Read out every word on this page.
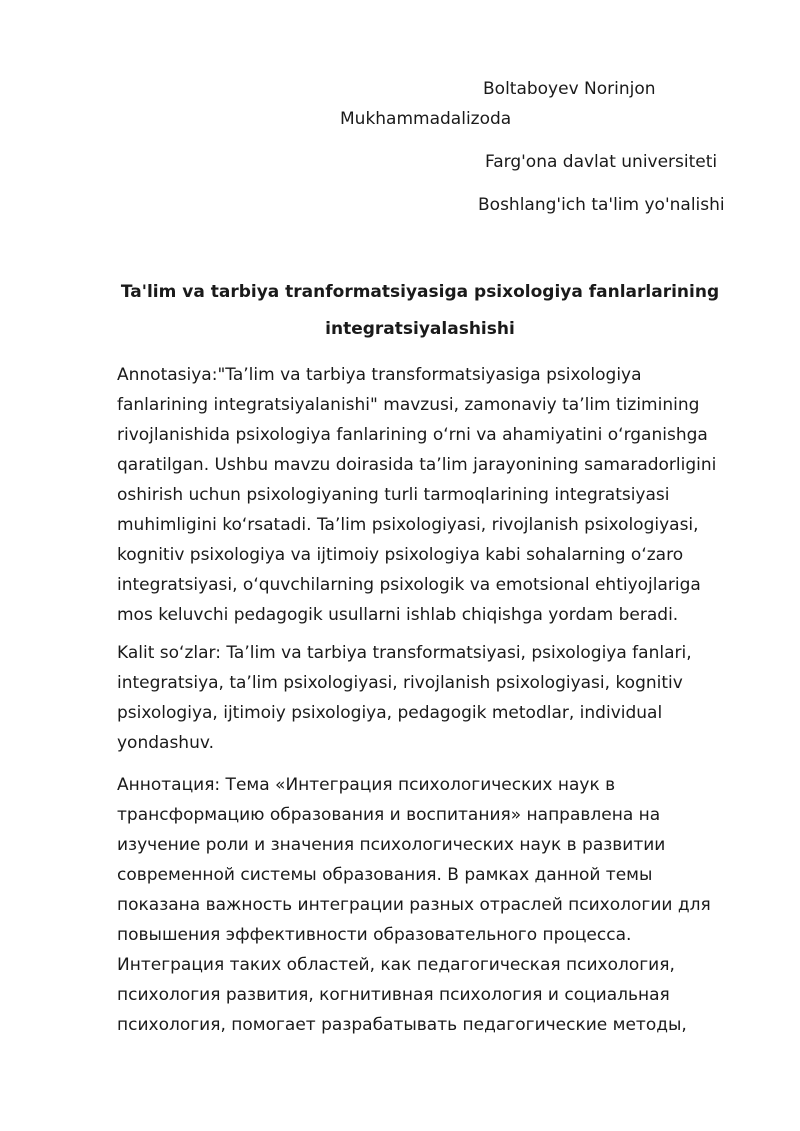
Boltaboyev Norinjon
Mukhammadalizoda
Farg'ona davlat universiteti
Boshlang'ich ta'lim yo'nalishi
Ta'lim va tarbiya tranformatsiyasiga psixologiya fanlarlarining
integratsiyalashishi
Annotasiya:"Ta’lim va tarbiya transformatsiyasiga psixologiya
fanlarining integratsiyalanishi" mavzusi, zamonaviy ta’lim tizimining
rivojlanishida psixologiya fanlarining o‘rni va ahamiyatini o‘rganishga
qaratilgan. Ushbu mavzu doirasida ta’lim jarayonining samaradorligini
oshirish uchun psixologiyaning turli tarmoqlarining integratsiyasi
muhimligini ko‘rsatadi. Ta’lim psixologiyasi, rivojlanish psixologiyasi,
kognitiv psixologiya va ijtimoiy psixologiya kabi sohalarning o‘zaro
integratsiyasi, o‘quvchilarning psixologik va emotsional ehtiyojlariga
mos keluvchi pedagogik usullarni ishlab chiqishga yordam beradi.
Kalit so‘zlar: Ta’lim va tarbiya transformatsiyasi, psixologiya fanlari,
integratsiya, ta’lim psixologiyasi, rivojlanish psixologiyasi, kognitiv
psixologiya, ijtimoiy psixologiya, pedagogik metodlar, individual
yondashuv.
Аннотация: Тема «Интеграция психологических наук в
трансформацию образования и воспитания» направлена на
изучение роли и значения психологических наук в развитии
современной системы образования. В рамках данной темы
показана важность интеграции разных отраслей психологии для
повышения эффективности образовательного процесса.
Интеграция таких областей, как педагогическая психология,
психология развития, когнитивная психология и социальная
психология, помогает разрабатывать педагогические методы,
